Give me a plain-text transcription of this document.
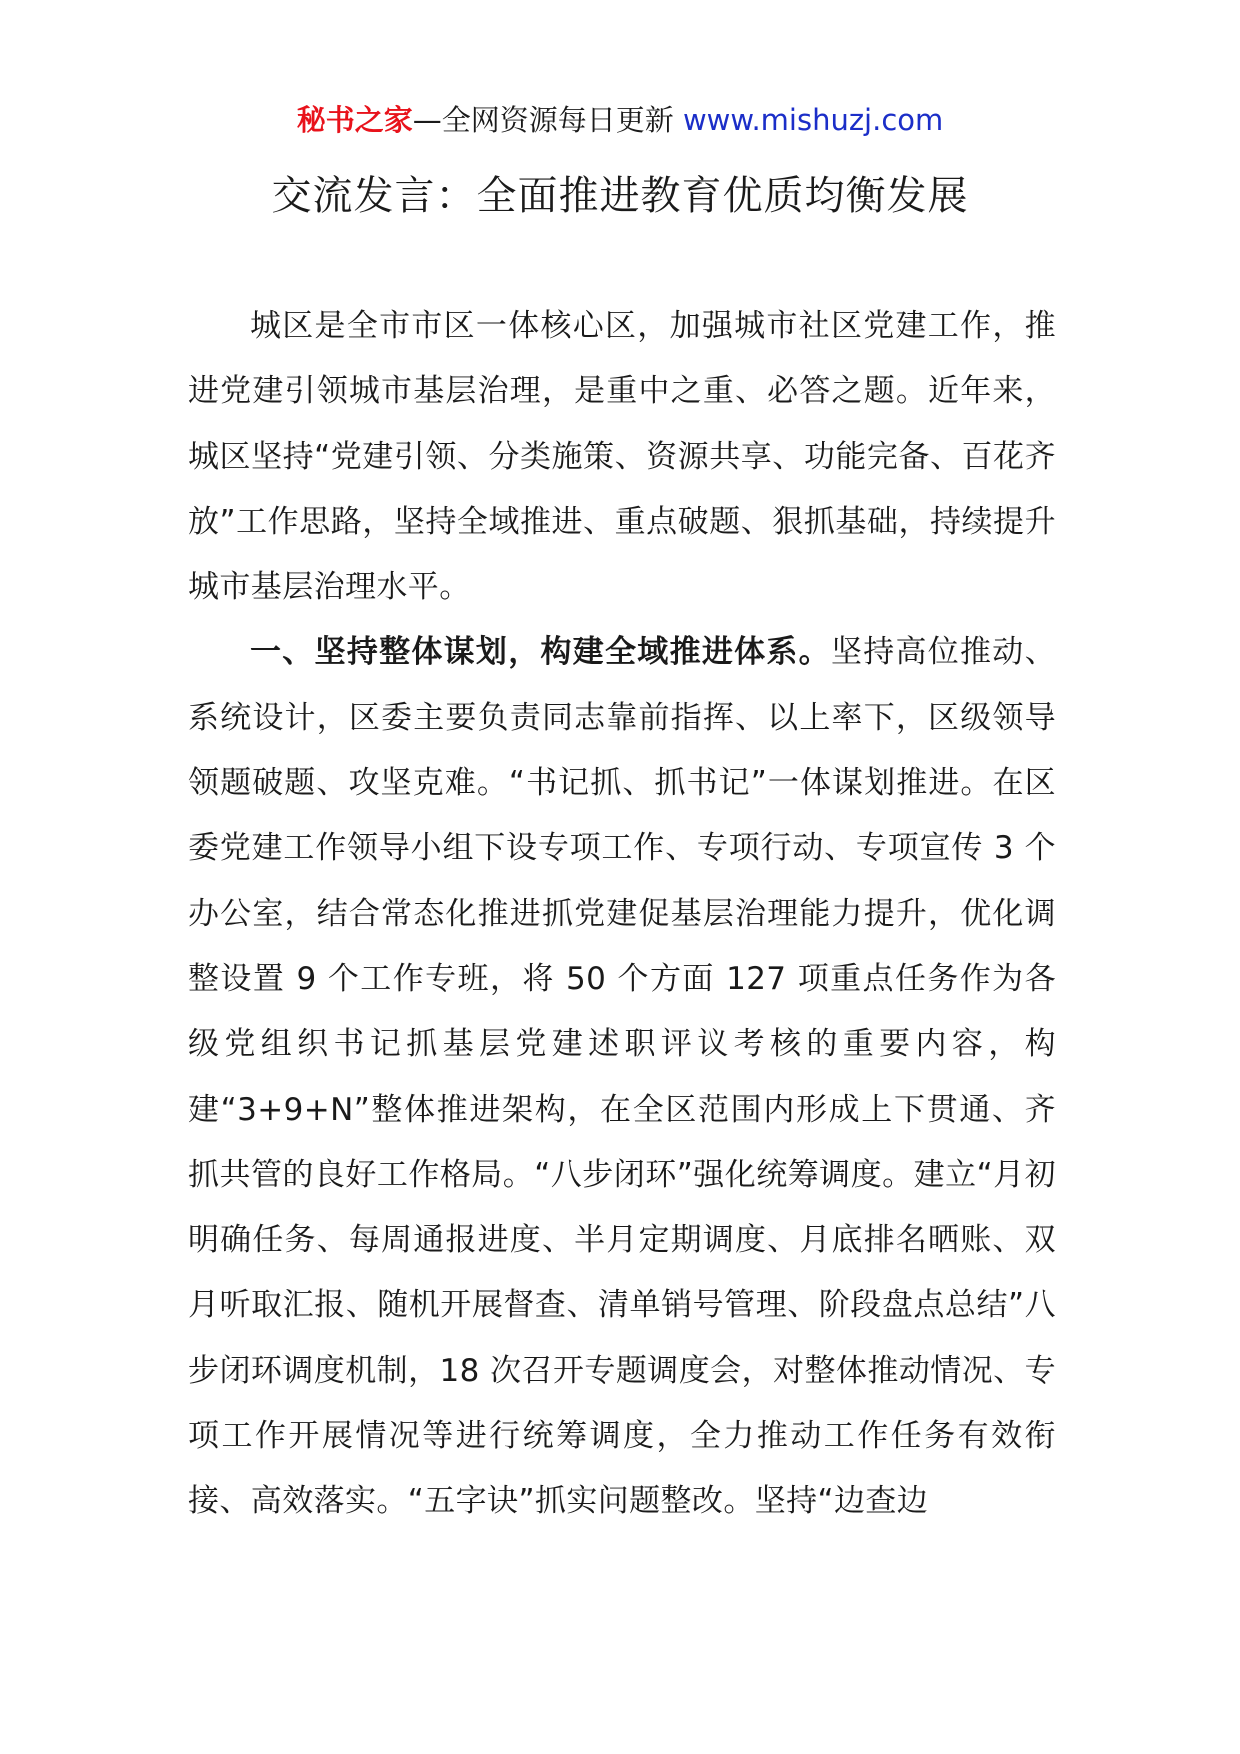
秘书之家—全网资源每日更新 www.mishuzj.com
交流发言：全面推进教育优质均衡发展

城区是全市市区一体核心区，加强城市社区党建工作，推进党建引领城市基层治理，是重中之重、必答之题。近年来，城区坚持“党建引领、分类施策、资源共享、功能完备、百花齐放”工作思路，坚持全域推进、重点破题、狠抓基础，持续提升城市基层治理水平。

一、坚持整体谋划，构建全域推进体系。坚持高位推动、系统设计，区委主要负责同志靠前指挥、以上率下，区级领导领题破题、攻坚克难。“书记抓、抓书记”一体谋划推进。在区委党建工作领导小组下设专项工作、专项行动、专项宣传 3 个办公室，结合常态化推进抓党建促基层治理能力提升，优化调整设置 9 个工作专班，将 50 个方面 127 项重点任务作为各级党组织书记抓基层党建述职评议考核的重要内容，构建“3+9+N”整体推进架构，在全区范围内形成上下贯通、齐抓共管的良好工作格局。“八步闭环”强化统筹调度。建立“月初明确任务、每周通报进度、半月定期调度、月底排名晒账、双月听取汇报、随机开展督查、清单销号管理、阶段盘点总结”八步闭环调度机制，18 次召开专题调度会，对整体推动情况、专项工作开展情况等进行统筹调度，全力推动工作任务有效衔接、高效落实。“五字诀”抓实问题整改。坚持“边查边
